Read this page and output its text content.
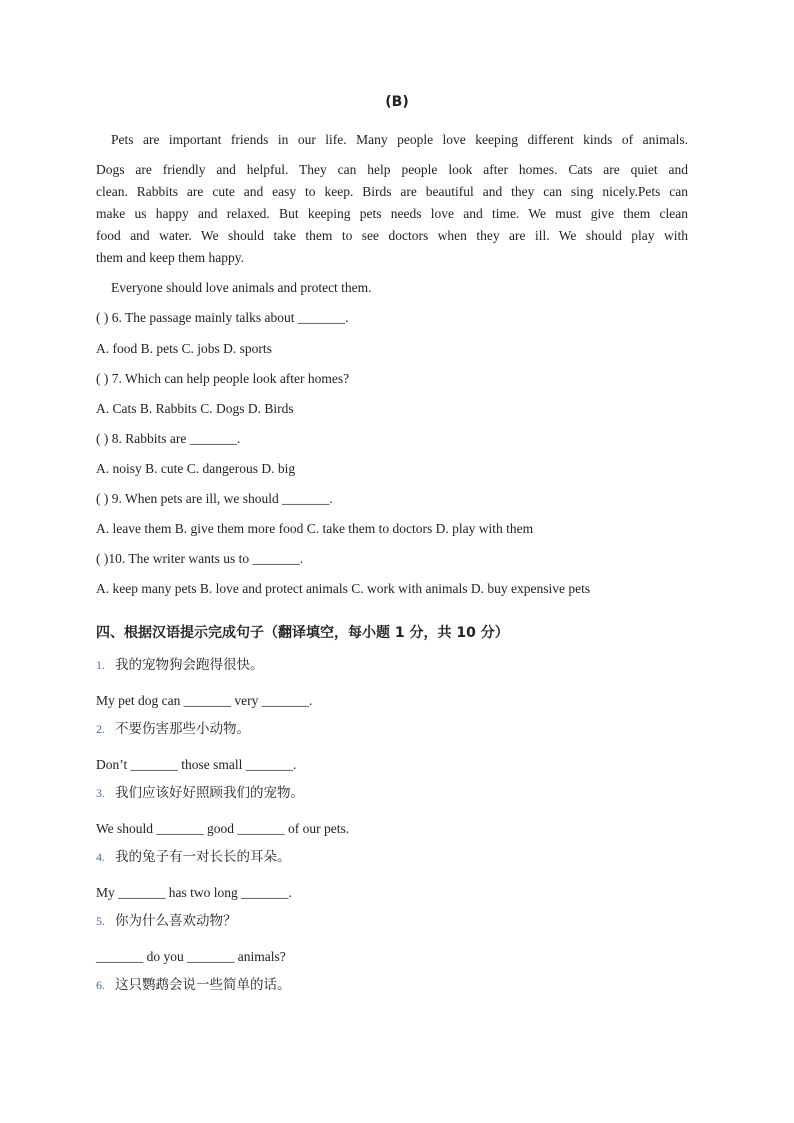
(B)
Pets are important friends in our life. Many people love keeping different kinds of animals.
Dogs are friendly and helpful. They can help people look after homes. Cats are quiet and
clean. Rabbits are cute and easy to keep. Birds are beautiful and they can sing nicely.Pets can
make us happy and relaxed. But keeping pets needs love and time. We must give them clean
food and water. We should take them to see doctors when they are ill. We should play with
them and keep them happy.
Everyone should love animals and protect them.
( ) 6. The passage mainly talks about _______.
A. food B. pets C. jobs D. sports
( ) 7. Which can help people look after homes?
A. Cats B. Rabbits C. Dogs D. Birds
( ) 8. Rabbits are _______.
A. noisy B. cute C. dangerous D. big
( ) 9. When pets are ill, we should _______.
A. leave them B. give them more food C. take them to doctors D. play with them
( )10. The writer wants us to _______.
A. keep many pets B. love and protect animals C. work with animals D. buy expensive pets
四、根据汉语提示完成句子（翻译填空，每小题 1 分，共 10 分）
1. 我的宠物狗会跑得很快。
My pet dog can _______ very _______.
2. 不要伤害那些小动物。
Don’t _______ those small _______.
3. 我们应该好好照顾我们的宠物。
We should _______ good _______ of our pets.
4. 我的兔子有一对长长的耳朵。
My _______ has two long _______.
5. 你为什么喜欢动物？
_______ do you _______ animals?
6. 这只鹦鹉会说一些简单的话。
